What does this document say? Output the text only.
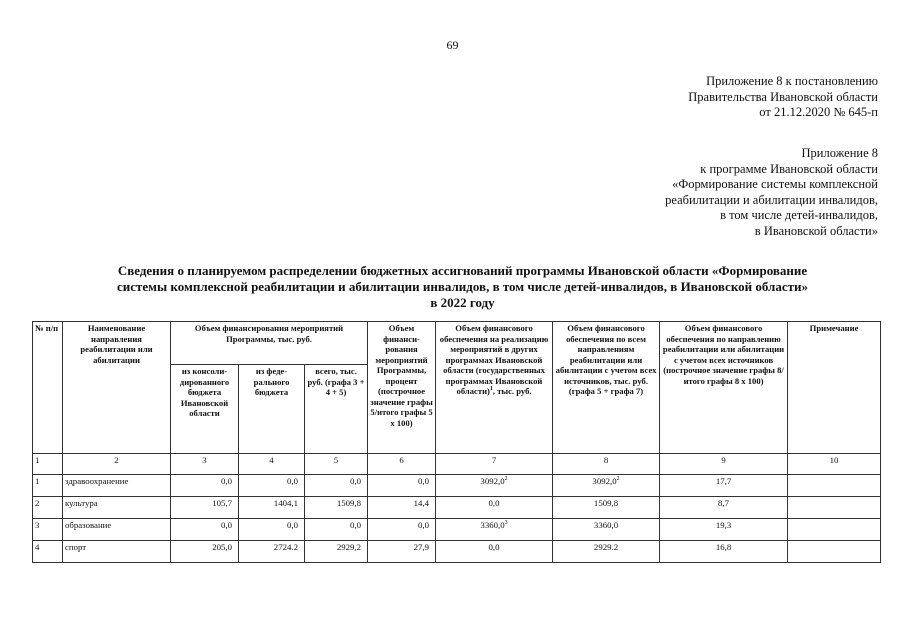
69
Приложение 8 к постановлению
Правительства Ивановской области
от 21.12.2020 № 645-п
Приложение 8
к программе Ивановской области
«Формирование системы комплексной
реабилитации и абилитации инвалидов,
в том числе детей-инвалидов,
в Ивановской области»
Сведения о планируемом распределении бюджетных ассигнований программы Ивановской области «Формирование
системы комплексной реабилитации и абилитации инвалидов, в том числе детей-инвалидов, в Ивановской области»
в 2022 году
№ п/п	Наименование направления реабилитации или абилитации	Объем финансирования мероприятий Программы, тыс. руб.			Объем финанси-рования мероприятий Программы, процент (построчное значение графы 5/итого графы 5 х 100)	Объем финансового обеспечения на реализацию мероприятий в других программах Ивановской области (государственных программах Ивановской области)$^1$, тыс. руб.	Объем финансового обеспечения по всем направлениям реабилитации или абилитации с учетом всех источников, тыс. руб. (графа 5 + графа 7)	Объем финансового обеспечения по направлению реабилитации или абилитации с учетом всех источников (построчное значение графы 8/итого графы 8 х 100)	Примечание
		из консоли-дированного бюджета Ивановской области	из феде-рального бюджета	всего, тыс. руб. (графа 3 + 4 + 5)					
1	2	3	4	5	6	7	8	9	10
1	здравоохранение	0,0	0,0	0,0	0,0	3092,0$^2$	3092,0$^2$	17,7	
2	культура	105,7	1404,1	1509,8	14,4	0,0	1509,8	8,7	
3	образование	0,0	0,0	0,0	0,0	3360,0$^3$	3360,0	19,3	
4	спорт	205,0	2724.2	2929,2	27,9	0,0	2929.2	16,8	
